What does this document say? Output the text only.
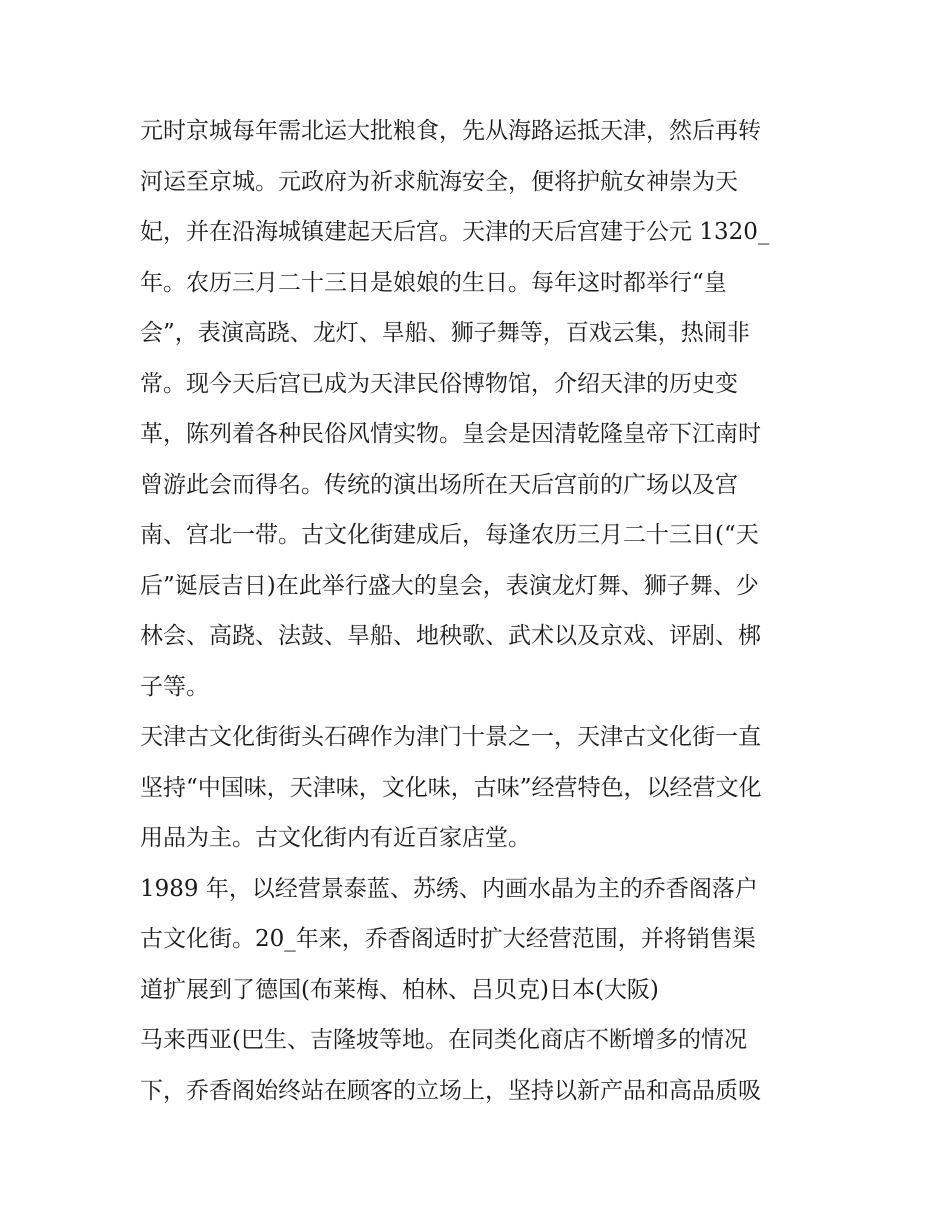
元时京城每年需北运大批粮食，先从海路运抵天津，然后再转
河运至京城。元政府为祈求航海安全，便将护航女神崇为天
妃，并在沿海城镇建起天后宫。天津的天后宫建于公元 1320_
年。农历三月二十三日是娘娘的生日。每年这时都举行“皇
会”，表演高跷、龙灯、旱船、狮子舞等，百戏云集，热闹非
常。现今天后宫已成为天津民俗博物馆，介绍天津的历史变
革，陈列着各种民俗风情实物。皇会是因清乾隆皇帝下江南时
曾游此会而得名。传统的演出场所在天后宫前的广场以及宫
南、宫北一带。古文化街建成后，每逢农历三月二十三日(“天
后”诞辰吉日)在此举行盛大的皇会，表演龙灯舞、狮子舞、少
林会、高跷、法鼓、旱船、地秧歌、武术以及京戏、评剧、梆
子等。
天津古文化街街头石碑作为津门十景之一，天津古文化街一直
坚持“中国味，天津味，文化味，古味”经营特色，以经营文化
用品为主。古文化街内有近百家店堂。
1989 年，以经营景泰蓝、苏绣、内画水晶为主的乔香阁落户
古文化街。20_年来，乔香阁适时扩大经营范围，并将销售渠
道扩展到了德国(布莱梅、柏林、吕贝克)日本(大阪)
马来西亚(巴生、吉隆坡等地。在同类化商店不断增多的情况
下，乔香阁始终站在顾客的立场上，坚持以新产品和高品质吸
